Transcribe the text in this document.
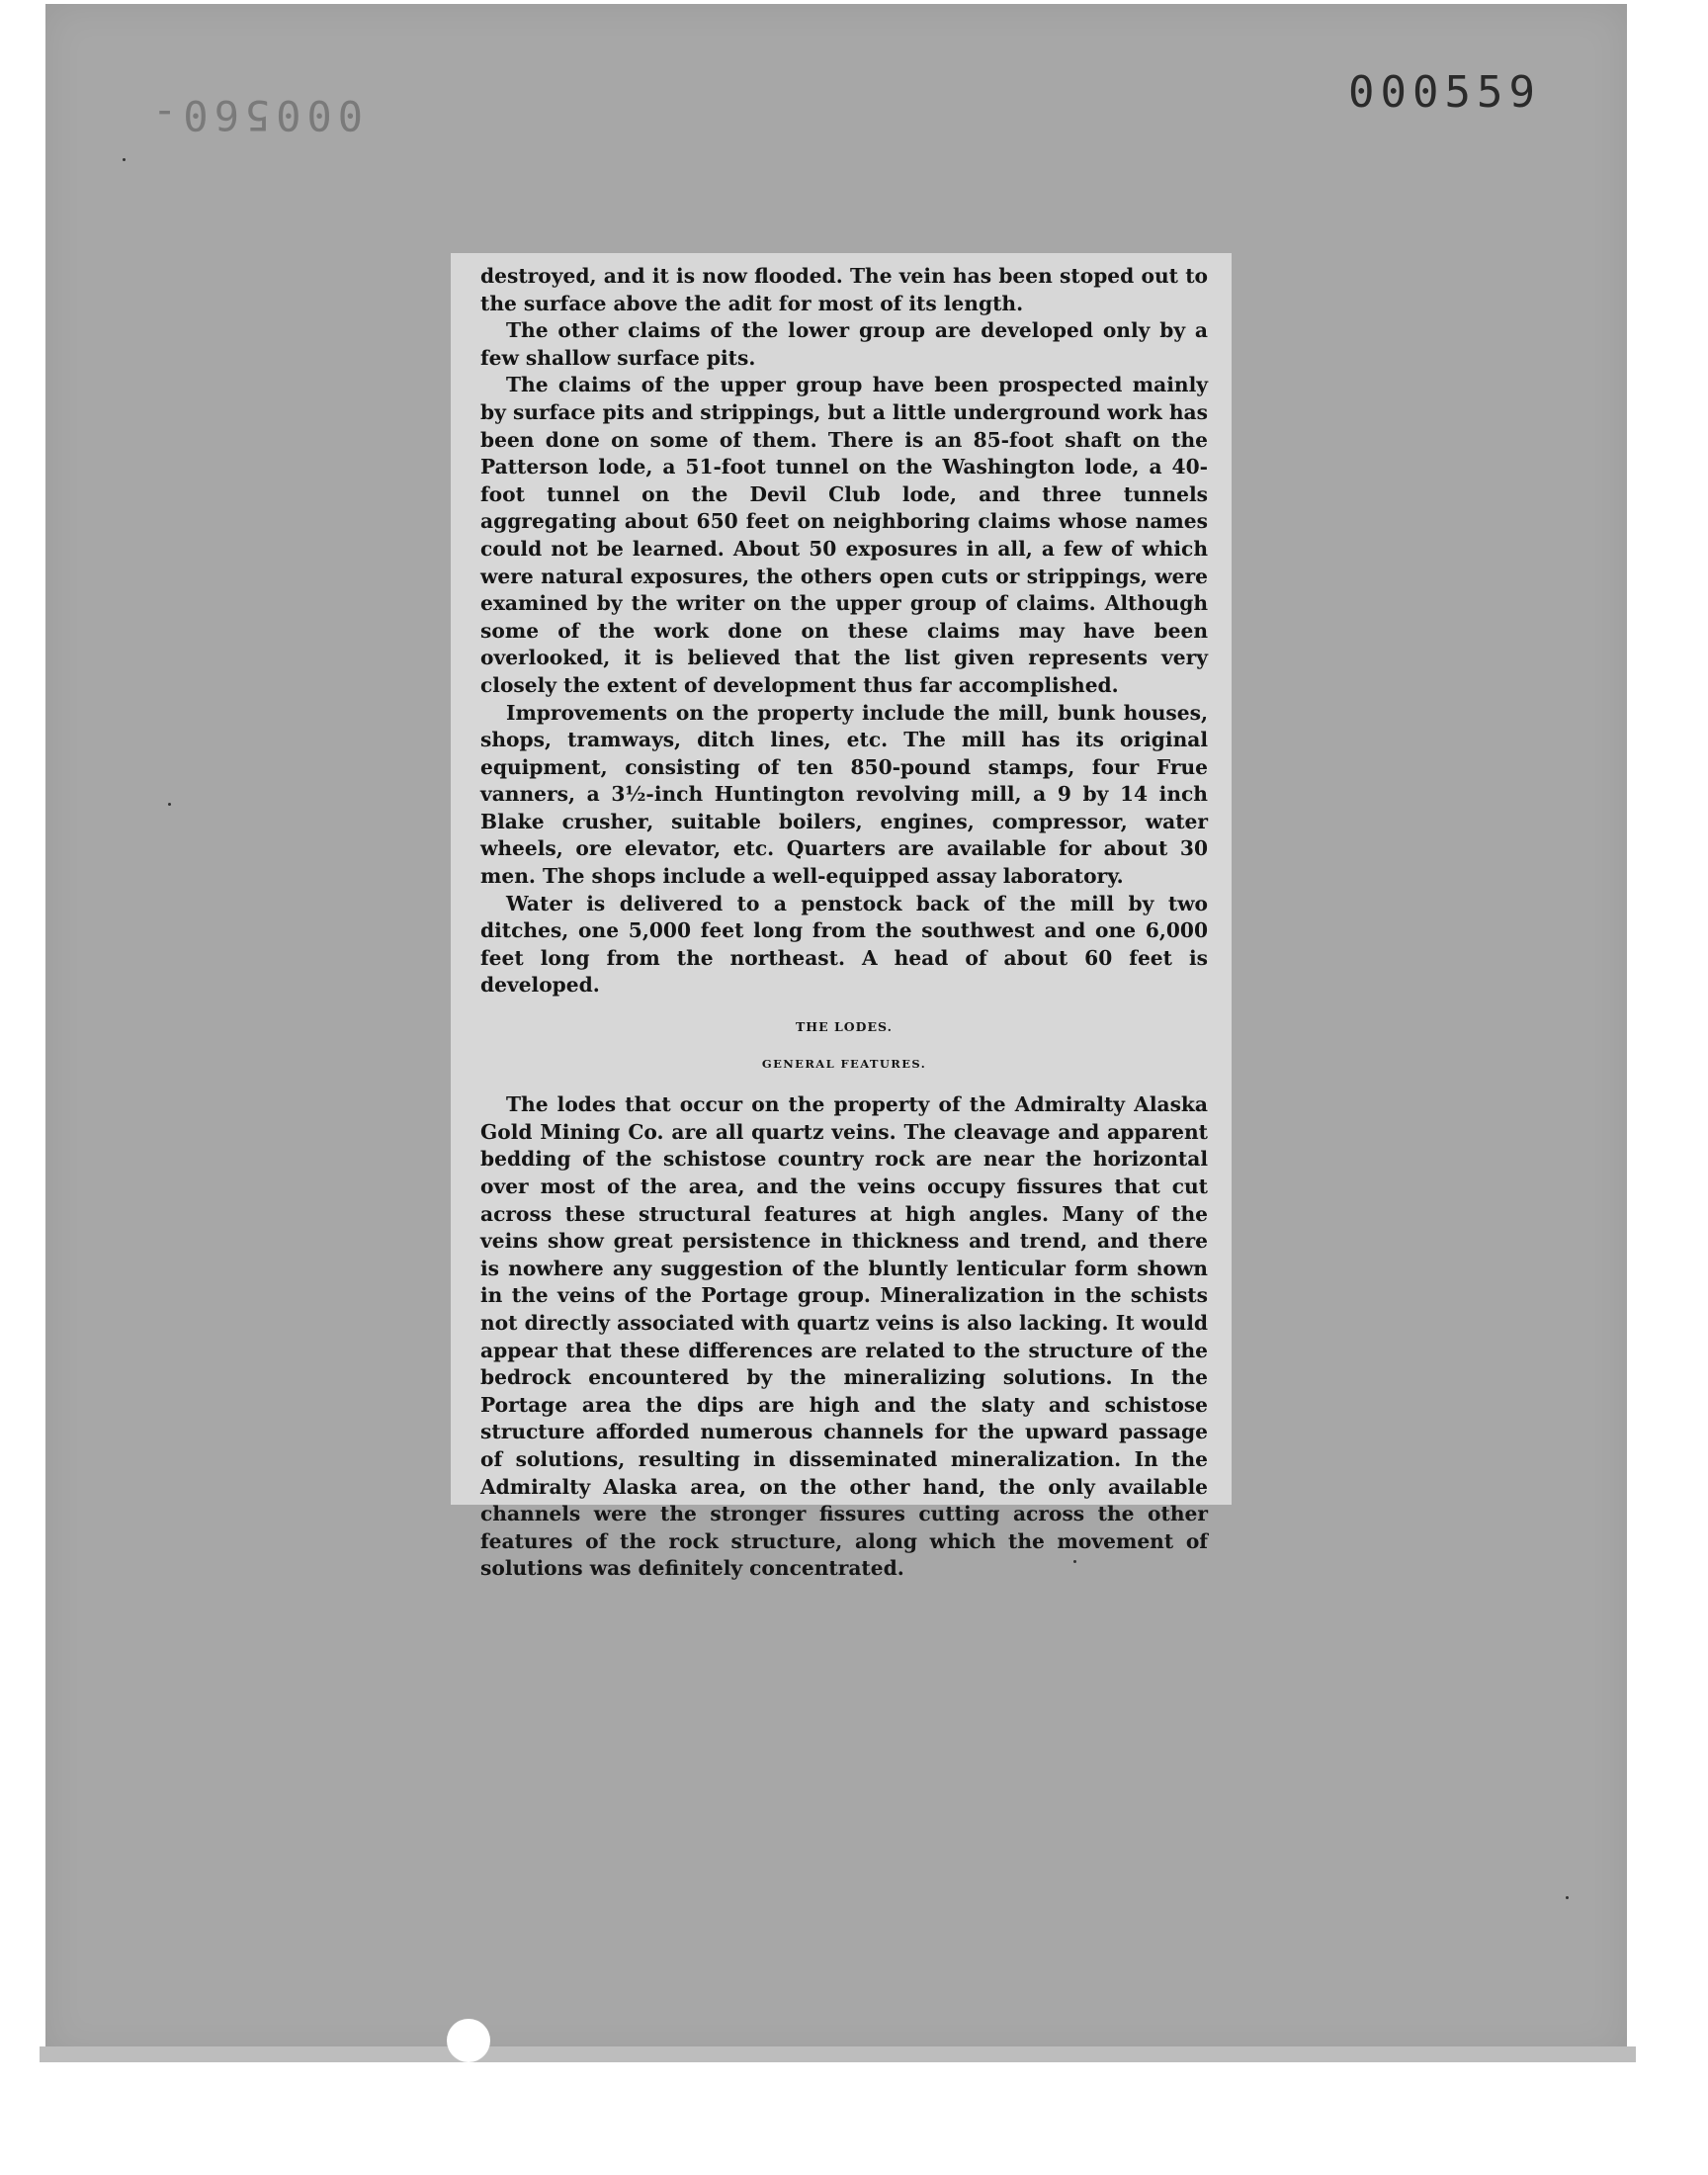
000559
000560-

destroyed, and it is now flooded. The vein has been stoped out to the surface above the adit for most of its length.

The other claims of the lower group are developed only by a few shallow surface pits.

The claims of the upper group have been prospected mainly by surface pits and strippings, but a little underground work has been done on some of them. There is an 85-foot shaft on the Patterson lode, a 51-foot tunnel on the Washington lode, a 40-foot tunnel on the Devil Club lode, and three tunnels aggregating about 650 feet on neighboring claims whose names could not be learned. About 50 exposures in all, a few of which were natural exposures, the others open cuts or strippings, were examined by the writer on the upper group of claims. Although some of the work done on these claims may have been overlooked, it is believed that the list given represents very closely the extent of development thus far accomplished.

Improvements on the property include the mill, bunk houses, shops, tramways, ditch lines, etc. The mill has its original equipment, consisting of ten 850-pound stamps, four Frue vanners, a 3½-inch Huntington revolving mill, a 9 by 14 inch Blake crusher, suitable boilers, engines, compressor, water wheels, ore elevator, etc. Quarters are available for about 30 men. The shops include a well-equipped assay laboratory.

Water is delivered to a penstock back of the mill by two ditches, one 5,000 feet long from the southwest and one 6,000 feet long from the northeast. A head of about 60 feet is developed.

THE LODES.
GENERAL FEATURES.

The lodes that occur on the property of the Admiralty Alaska Gold Mining Co. are all quartz veins. The cleavage and apparent bedding of the schistose country rock are near the horizontal over most of the area, and the veins occupy fissures that cut across these structural features at high angles. Many of the veins show great persistence in thickness and trend, and there is nowhere any suggestion of the bluntly lenticular form shown in the veins of the Portage group. Mineralization in the schists not directly associated with quartz veins is also lacking. It would appear that these differences are related to the structure of the bedrock encountered by the mineralizing solutions. In the Portage area the dips are high and the slaty and schistose structure afforded numerous channels for the upward passage of solutions, resulting in disseminated mineralization. In the Admiralty Alaska area, on the other hand, the only available channels were the stronger fissures cutting across the other features of the rock structure, along which the movement of solutions was definitely concentrated.
